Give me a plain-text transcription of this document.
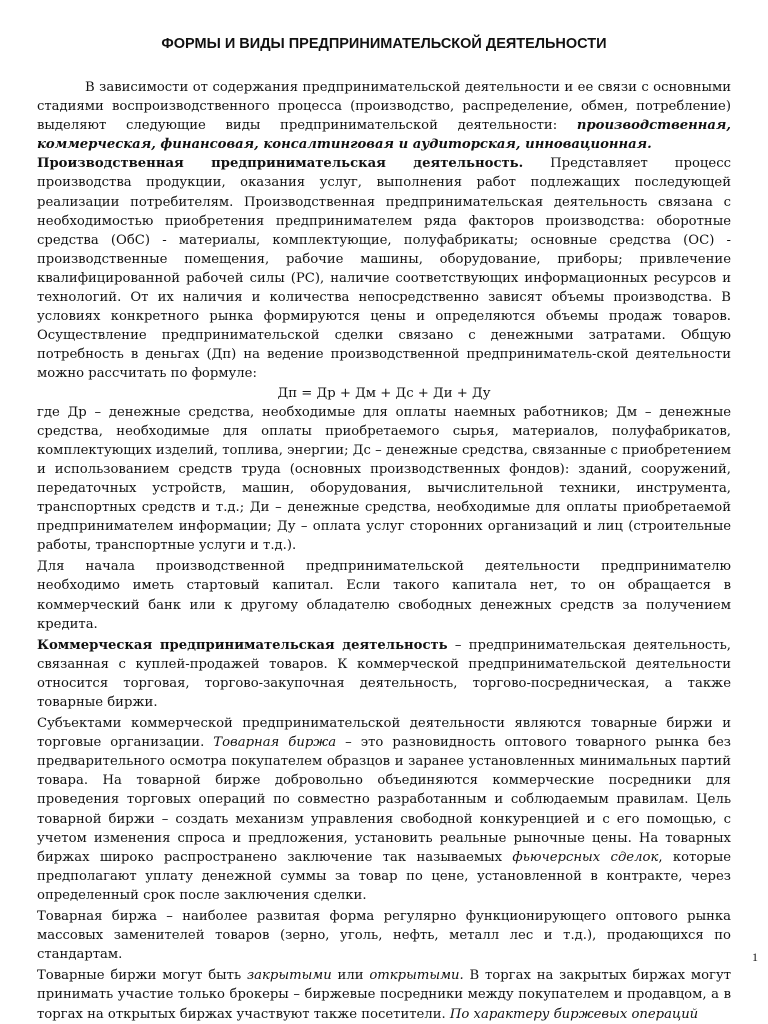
ФОРМЫ И ВИДЫ ПРЕДПРИНИМАТЕЛЬСКОЙ ДЕЯТЕЛЬНОСТИ

В зависимости от содержания предпринимательской деятельности и ее связи с основными стадиями воспроизводственного процесса (производство, распределение, обмен, потребление) выделяют следующие виды предпринимательской деятельности: производственная, коммерческая, финансовая, консалтинговая и аудиторская, инновационная.

Производственная предпринимательская деятельность. Представляет процесс производства продукции, оказания услуг, выполнения работ подлежащих последующей реализации потребителям. Производственная предпринимательская деятельность связана с необходимостью приобретения предпринимателем ряда факторов производства: оборотные средства (ОбС) - материалы, комплектующие, полуфабрикаты; основные средства (ОС) - производственные помещения, рабочие машины, оборудование, приборы; привлечение квалифицированной рабочей силы (РС), наличие соответствующих информационных ресурсов и технологий. От их наличия и количества непосредственно зависят объемы производства. В условиях конкретного рынка формируются цены и определяются объемы продаж товаров. Осуществление предпринимательской сделки связано с денежными затратами. Общую потребность в деньгах (Дп) на ведение производственной предприниматель-ской деятельности можно рассчитать по формуле:

Дп = Др + Дм + Дс + Ди + Ду

где Др – денежные средства, необходимые для оплаты наемных работников; Дм – денежные средства, необходимые для оплаты приобретаемого сырья, материалов, полуфабрикатов, комплектующих изделий, топлива, энергии; Дс – денежные средства, связанные с приобретением и использованием средств труда (основных производственных фондов): зданий, сооружений, передаточных устройств, машин, оборудования, вычислительной техники, инструмента, транспортных средств и т.д.; Ди – денежные средства, необходимые для оплаты приобретаемой предпринимателем информации; Ду – оплата услуг сторонних организаций и лиц (строительные работы, транспортные услуги и т.д.).

Для начала производственной предпринимательской деятельности предпринимателю необходимо иметь стартовый капитал. Если такого капитала нет, то он обращается в коммерческий банк или к другому обладателю свободных денежных средств за получением кредита.

Коммерческая предпринимательская деятельность – предпринимательская деятельность, связанная с куплей-продажей товаров. К коммерческой предпринимательской деятельности относится торговая, торгово-закупочная деятельность, торгово-посредническая, а также товарные биржи.

Субъектами коммерческой предпринимательской деятельности являются товарные биржи и торговые организации. Товарная биржа – это разновидность оптового товарного рынка без предварительного осмотра покупателем образцов и заранее установленных минимальных партий товара. На товарной бирже добровольно объединяются коммерческие посредники для проведения торговых операций по совместно разработанным и соблюдаемым правилам. Цель товарной биржи – создать механизм управления свободной конкуренцией и с его помощью, с учетом изменения спроса и предложения, установить реальные рыночные цены. На товарных биржах широко распространено заключение так называемых фьючерсных сделок, которые предполагают уплату денежной суммы за товар по цене, установленной в контракте, через определенный срок после заключения сделки.

Товарная биржа – наиболее развитая форма регулярно функционирующего оптового рынка массовых заменителей товаров (зерно, уголь, нефть, металл лес и т.д.), продающихся по стандартам.

Товарные биржи могут быть закрытыми или открытыми. В торгах на закрытых биржах могут принимать участие только брокеры – биржевые посредники между покупателем и продавцом, а в торгах на открытых биржах участвуют также посетители. По характеру биржевых операций

1
